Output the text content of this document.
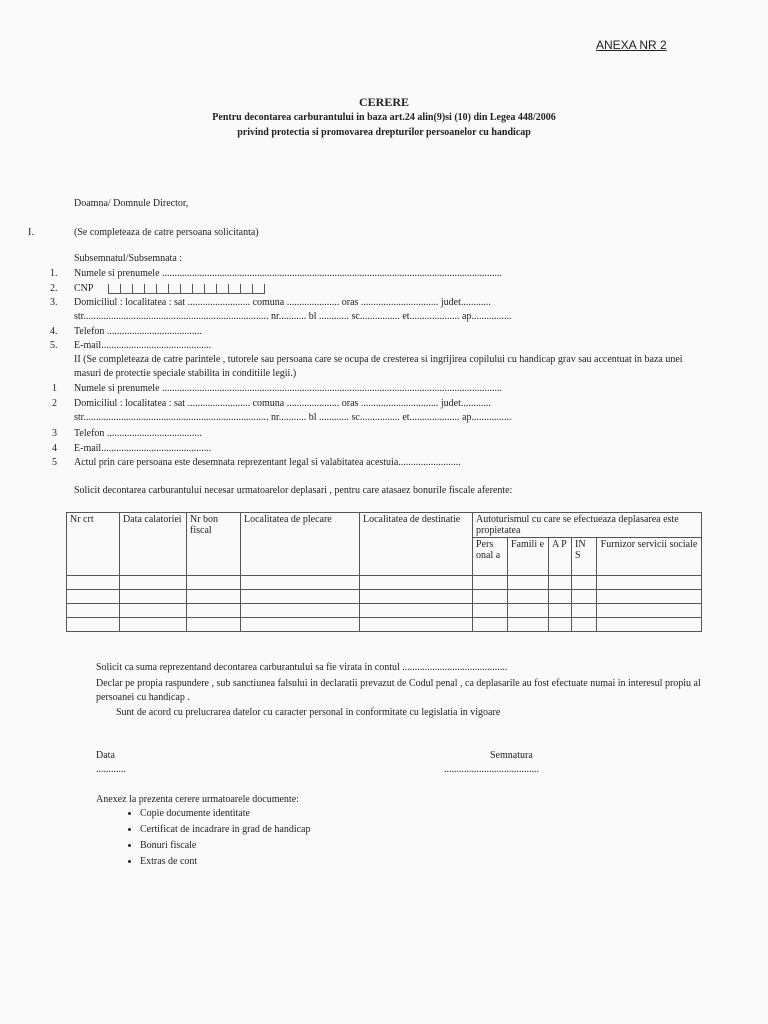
ANEXA NR 2
CERERE
Pentru decontarea carburantului in baza art.24 alin(9)si (10) din Legea 448/2006
privind protectia si promovarea drepturilor persoanelor cu handicap
Doamna/ Domnule Director,
I.	(Se completeaza de catre persoana solicitanta)
Subsemnatul/Subsemnata :
1. Numele si prenumele ........................................................................................................................................
2. CNP
3. Domiciliul : localitatea : sat ......................... comuna ..................... oras ............................... judet............
str.......................................................................... nr........... bl ............ sc................ et.................... ap................
4. Telefon ......................................
5. E-mail............................................
II (Se completeaza de catre parintele , tutorele sau persoana care se ocupa de cresterea si ingrijirea copilului cu handicap grav sau accentuat in baza unei masuri de protectie speciale stabilita in conditiile legii.)
1 Numele si prenumele ........................................................................................................................................
2 Domiciliul : localitatea : sat ......................... comuna ..................... oras ............................... judet............
str.......................................................................... nr........... bl ............ sc................ et.................... ap................
3 Telefon ......................................
4 E-mail............................................
5 Actul prin care persoana este desemnata reprezentant legal si valabitatea acestuia.........................
Solicit decontarea carburantului necesar urmatoarelor deplasari , pentru care atasaez bonurile fiscale aferente:
Nr crt	Data calatoriei	Nr bon fiscal	Localitatea de plecare	Localitatea de destinatie	Autoturismul cu care se efectueaza deplasarea este propietatea				
					Pers onal a	Famili e	A P	IN S	Furnizor servicii sociale

Solicit ca suma reprezentand decontarea carburantului sa fie virata in contul ..........................................
Declar pe propia raspundere , sub sanctiunea falsului in declaratii prevazut de Codul penal , ca deplasarile au fost efectuate numai in interesul propiu al persoanei cu handicap .
Sunt de acord cu prelucrarea datelor cu caracter personal in conformitate cu legislatia in vigoare
Data
............
Semnatura
......................................
Anexez la prezenta cerere urmatoarele documente:
• Copie documente identitate
• Certificat de incadrare in grad de handicap
• Bonuri fiscale
• Extras de cont
